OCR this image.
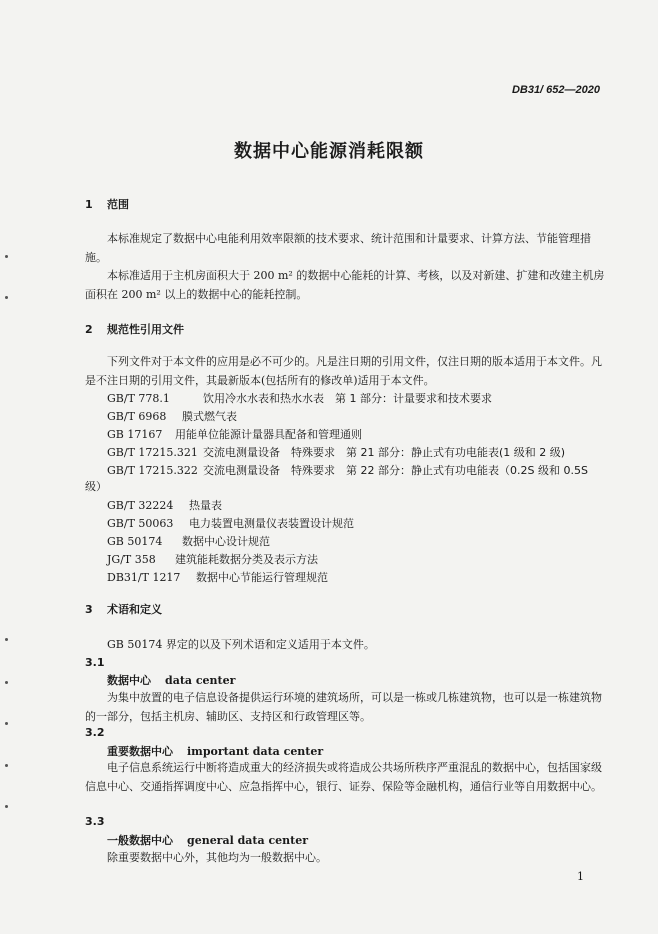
DB31/ 652—2020
数据中心能源消耗限额
1 范围
本标准规定了数据中心电能利用效率限额的技术要求、统计范围和计量要求、计算方法、节能管理措施。
本标准适用于主机房面积大于 200 m² 的数据中心能耗的计算、考核，以及对新建、扩建和改建主机房面积在 200 m² 以上的数据中心的能耗控制。
2 规范性引用文件
下列文件对于本文件的应用是必不可少的。凡是注日期的引用文件，仅注日期的版本适用于本文件。凡是不注日期的引用文件，其最新版本(包括所有的修改单)适用于本文件。
GB/T 778.1	饮用冷水水表和热水水表　第 1 部分：计量要求和技术要求
GB/T 6968 膜式燃气表
GB 17167 用能单位能源计量器具配备和管理通则
GB/T 17215.321 交流电测量设备　特殊要求　第 21 部分：静止式有功电能表(1 级和 2 级)
GB/T 17215.322 交流电测量设备　特殊要求　第 22 部分：静止式有功电能表（0.2S 级和 0.5S
级）
GB/T 32224 热量表
GB/T 50063 电力装置电测量仪表装置设计规范
GB 50174 数据中心设计规范
JG/T 358 建筑能耗数据分类及表示方法
DB31/T 1217 数据中心节能运行管理规范
3 术语和定义
GB 50174 界定的以及下列术语和定义适用于本文件。
3.1
数据中心 data center
为集中放置的电子信息设备提供运行环境的建筑场所，可以是一栋或几栋建筑物，也可以是一栋建筑物的一部分，包括主机房、辅助区、支持区和行政管理区等。
3.2
重要数据中心 important data center
电子信息系统运行中断将造成重大的经济损失或将造成公共场所秩序严重混乱的数据中心，包括国家级信息中心、交通指挥调度中心、应急指挥中心，银行、证券、保险等金融机构，通信行业等自用数据中心。
3.3
一般数据中心 general data center
除重要数据中心外，其他均为一般数据中心。
1
